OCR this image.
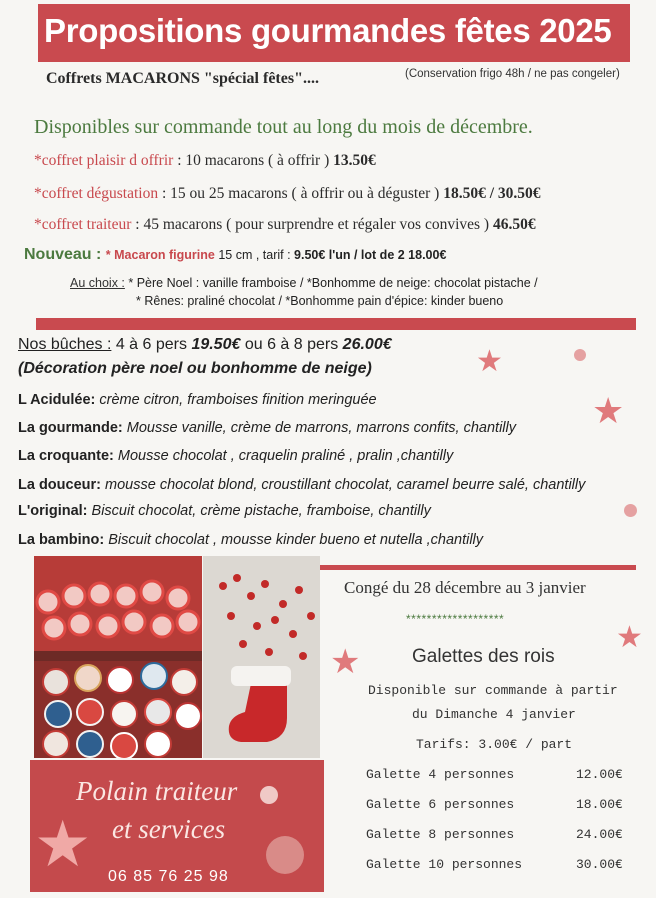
Propositions gourmandes fêtes 2025
Coffrets MACARONS "spécial fêtes"....	(Conservation frigo 48h / ne pas congeler)
Disponibles sur commande tout au long du mois de décembre.
*coffret plaisir d offrir : 10 macarons ( à offrir ) 13.50€
*coffret dégustation : 15 ou 25 macarons ( à offrir ou à déguster ) 18.50€ / 30.50€
*coffret traiteur : 45 macarons ( pour surprendre et régaler vos convives ) 46.50€
Nouveau : * Macaron figurine 15 cm , tarif : 9.50€ l'un / lot de 2 18.00€
Au choix : * Père Noel : vanille framboise / *Bonhomme de neige: chocolat pistache /
* Rênes: praliné chocolat / *Bonhomme pain d'épice: kinder bueno
Nos bûches : 4 à 6 pers 19.50€ ou 6 à 8 pers 26.00€
(Décoration père noel ou bonhomme de neige)
L Acidulée: crème citron, framboises finition meringuée
La gourmande: Mousse vanille, crème de marrons, marrons confits, chantilly
La croquante: Mousse chocolat , craquelin praliné , pralin ,chantilly
La douceur: mousse chocolat blond, croustillant chocolat, caramel beurre salé, chantilly
L'original: Biscuit chocolat, crème pistache, framboise, chantilly
La bambino: Biscuit chocolat , mousse kinder bueno et nutella ,chantilly
★
★
★
★
Polain traiteur
et services
06 85 76 25 98
★
Congé du 28 décembre au 3 janvier
*******************
Galettes des rois
Disponible sur commande à partir
du Dimanche 4 janvier
Tarifs: 3.00€ / part
Galette 4 personnes	12.00€
Galette 6 personnes	18.00€
Galette 8 personnes	24.00€
Galette 10 personnes	30.00€
